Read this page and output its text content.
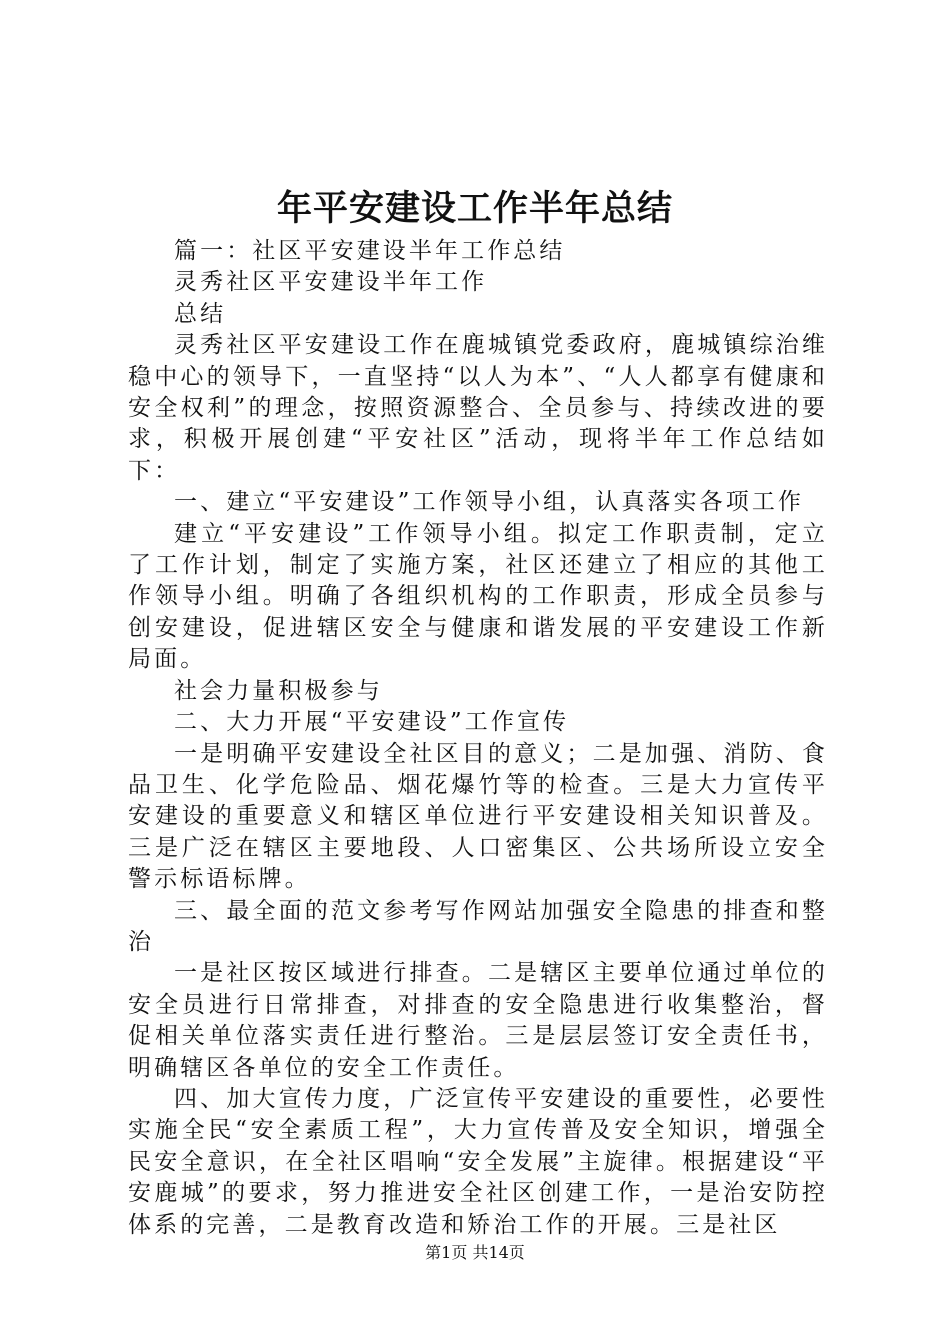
年平安建设工作半年总结

篇一：社区平安建设半年工作总结

灵秀社区平安建设半年工作

总结

灵秀社区平安建设工作在鹿城镇党委政府，鹿城镇综治维稳中心的领导下，一直坚持“以人为本”、“人人都享有健康和安全权利”的理念，按照资源整合、全员参与、持续改进的要求，积极开展创建“平安社区”活动，现将半年工作总结如下：

一、建立“平安建设”工作领导小组，认真落实各项工作

建立“平安建设”工作领导小组。拟定工作职责制，定立了工作计划，制定了实施方案，社区还建立了相应的其他工作领导小组。明确了各组织机构的工作职责，形成全员参与创安建设，促进辖区安全与健康和谐发展的平安建设工作新局面。

社会力量积极参与

二、大力开展“平安建设”工作宣传

一是明确平安建设全社区目的意义；二是加强、消防、食品卫生、化学危险品、烟花爆竹等的检查。三是大力宣传平安建设的重要意义和辖区单位进行平安建设相关知识普及。三是广泛在辖区主要地段、人口密集区、公共场所设立安全警示标语标牌。

三、最全面的范文参考写作网站加强安全隐患的排查和整治

一是社区按区域进行排查。二是辖区主要单位通过单位的安全员进行日常排查，对排查的安全隐患进行收集整治，督促相关单位落实责任进行整治。三是层层签订安全责任书，明确辖区各单位的安全工作责任。

四、加大宣传力度，广泛宣传平安建设的重要性，必要性实施全民“安全素质工程”，大力宣传普及安全知识，增强全民安全意识，在全社区唱响“安全发展”主旋律。根据建设“平安鹿城”的要求，努力推进安全社区创建工作，一是治安防控体系的完善，二是教育改造和矫治工作的开展。三是社区

第1页 共14页
